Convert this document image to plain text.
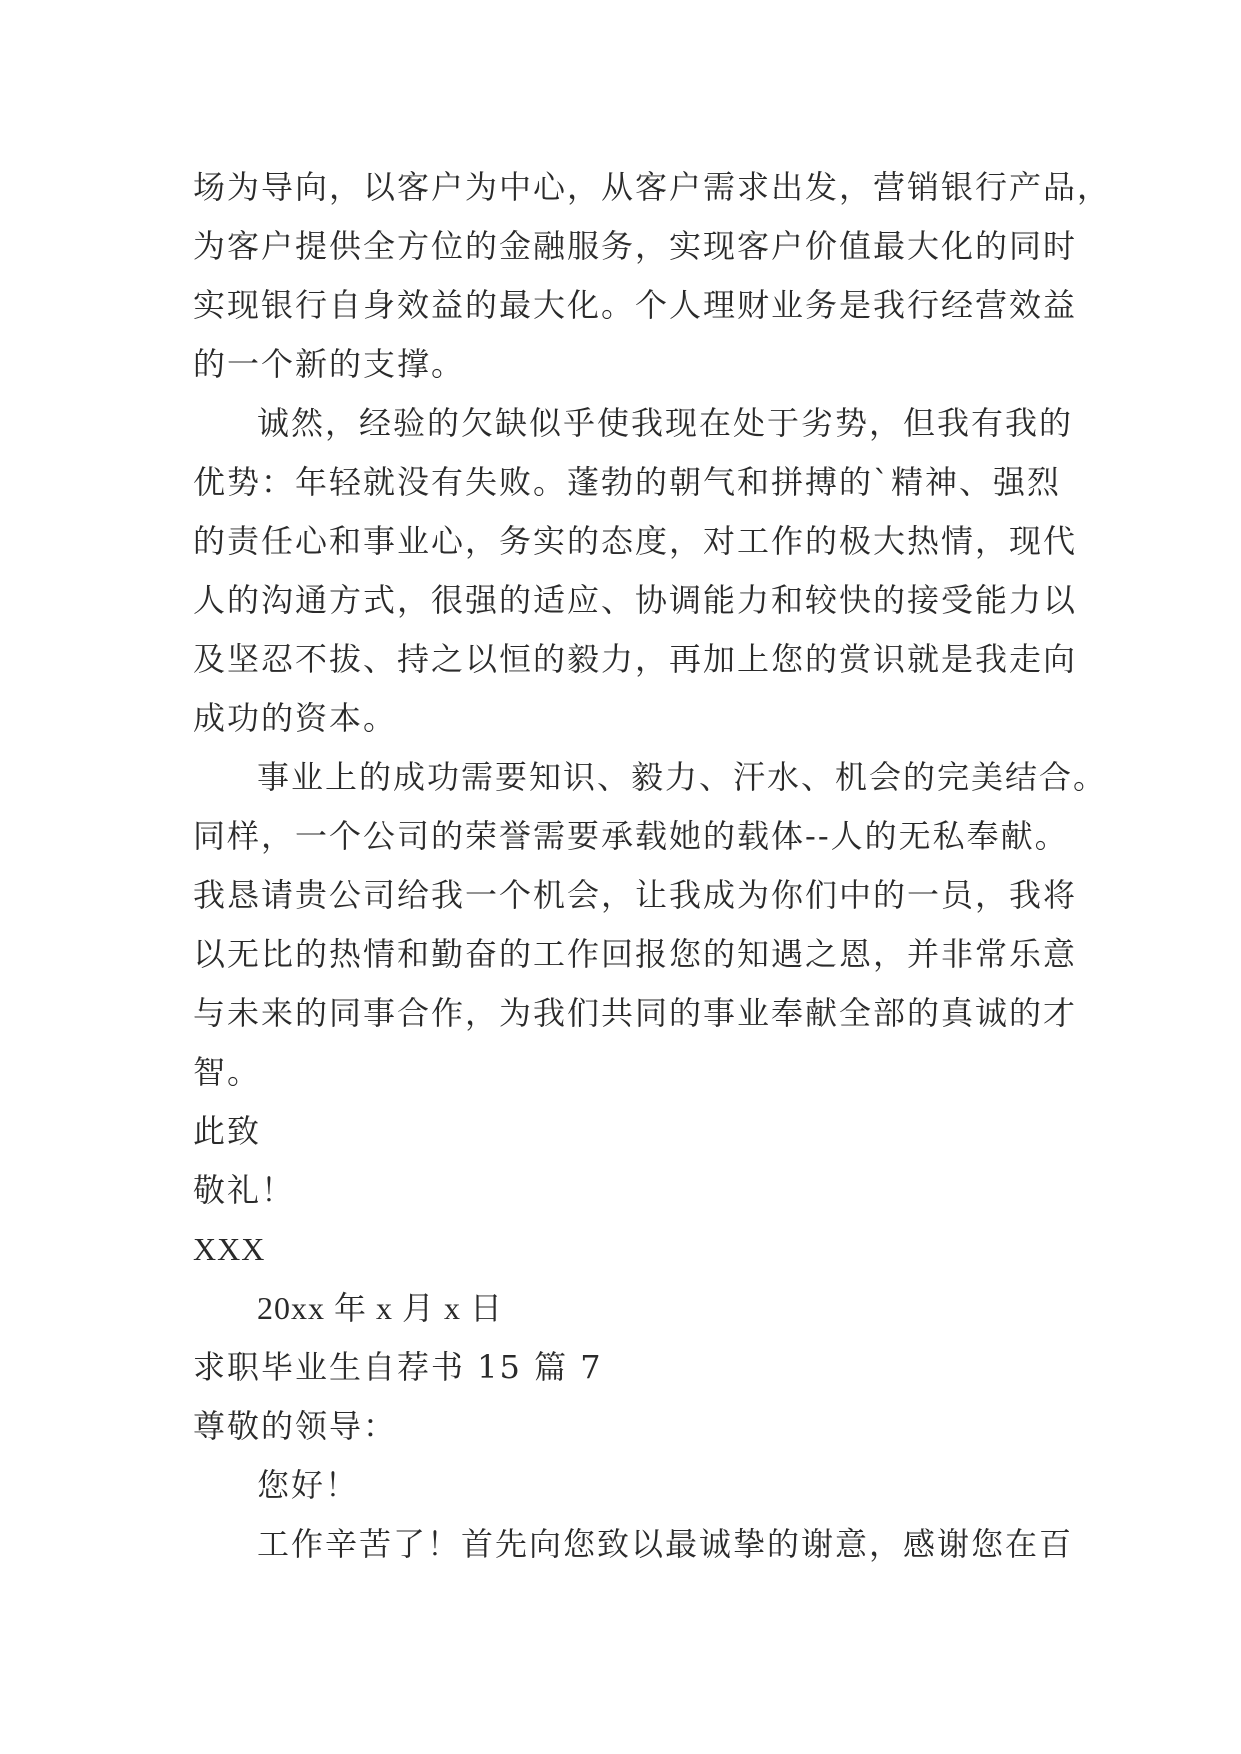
场为导向，以客户为中心，从客户需求出发，营销银行产品，
为客户提供全方位的金融服务，实现客户价值最大化的同时
实现银行自身效益的最大化。个人理财业务是我行经营效益
的一个新的支撑。
诚然，经验的欠缺似乎使我现在处于劣势，但我有我的
优势：年轻就没有失败。蓬勃的朝气和拼搏的`精神、强烈
的责任心和事业心，务实的态度，对工作的极大热情，现代
人的沟通方式，很强的适应、协调能力和较快的接受能力以
及坚忍不拔、持之以恒的毅力，再加上您的赏识就是我走向
成功的资本。
事业上的成功需要知识、毅力、汗水、机会的完美结合。
同样，一个公司的荣誉需要承载她的载体--人的无私奉献。
我恳请贵公司给我一个机会，让我成为你们中的一员，我将
以无比的热情和勤奋的工作回报您的知遇之恩，并非常乐意
与未来的同事合作，为我们共同的事业奉献全部的真诚的才
智。
此致
敬礼！
XXX
20xx 年 x 月 x 日
求职毕业生自荐书 15 篇 7
尊敬的领导：
您好！
工作辛苦了！首先向您致以最诚挚的谢意，感谢您在百
